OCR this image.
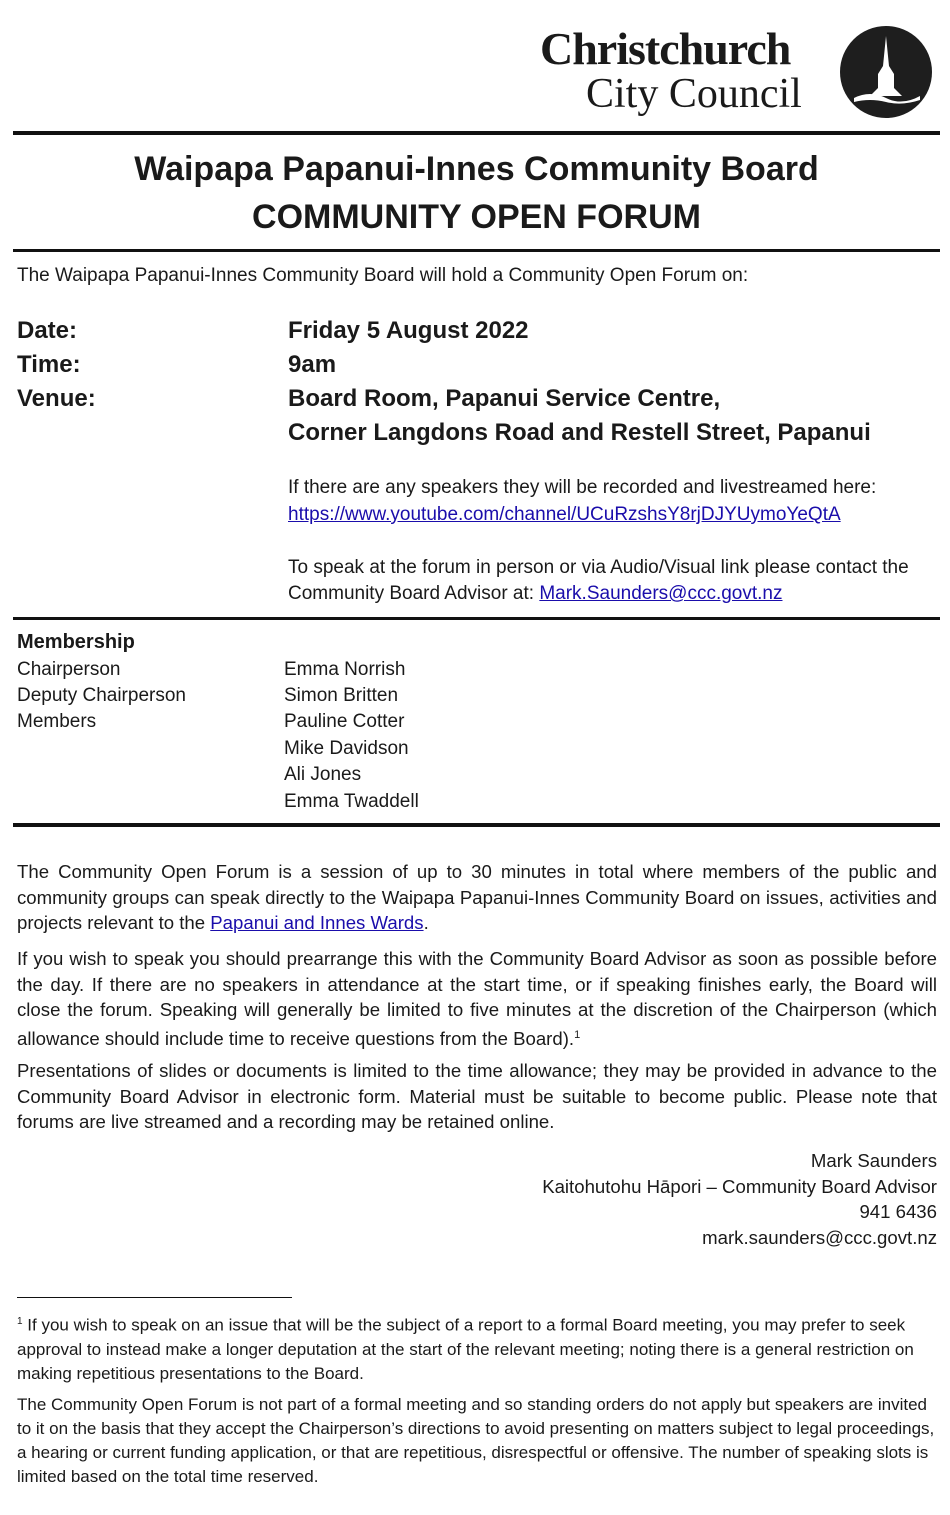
Christchurch
City Council
Waipapa Papanui-Innes Community Board
COMMUNITY OPEN FORUM
The Waipapa Papanui-Innes Community Board will hold a Community Open Forum on:
Date:	Friday 5 August 2022
Time:	9am
Venue:	Board Room, Papanui Service Centre,
Corner Langdons Road and Restell Street, Papanui
If there are any speakers they will be recorded and livestreamed here:
https://www.youtube.com/channel/UCuRzshsY8rjDJYUymoYeQtA
To speak at the forum in person or via Audio/Visual link please contact the
Community Board Advisor at: Mark.Saunders@ccc.govt.nz
Membership
Chairperson	Emma Norrish
Deputy Chairperson	Simon Britten
Members	Pauline Cotter
Mike Davidson
Ali Jones
Emma Twaddell
The Community Open Forum is a session of up to 30 minutes in total where members of the public and community groups can speak directly to the Waipapa Papanui-Innes Community Board on issues, activities and projects relevant to the Papanui and Innes Wards.
If you wish to speak you should prearrange this with the Community Board Advisor as soon as possible before the day. If there are no speakers in attendance at the start time, or if speaking finishes early, the Board will close the forum. Speaking will generally be limited to five minutes at the discretion of the Chairperson (which allowance should include time to receive questions from the Board).$^1$
Presentations of slides or documents is limited to the time allowance; they may be provided in advance to the Community Board Advisor in electronic form. Material must be suitable to become public. Please note that forums are live streamed and a recording may be retained online.
Mark Saunders
Kaitohutohu Hāpori – Community Board Advisor
941 6436
mark.saunders@ccc.govt.nz
$^1$ If you wish to speak on an issue that will be the subject of a report to a formal Board meeting, you may prefer to seek approval to instead make a longer deputation at the start of the relevant meeting; noting there is a general restriction on making repetitious presentations to the Board.
The Community Open Forum is not part of a formal meeting and so standing orders do not apply but speakers are invited to it on the basis that they accept the Chairperson’s directions to avoid presenting on matters subject to legal proceedings, a hearing or current funding application, or that are repetitious, disrespectful or offensive. The number of speaking slots is limited based on the total time reserved.
